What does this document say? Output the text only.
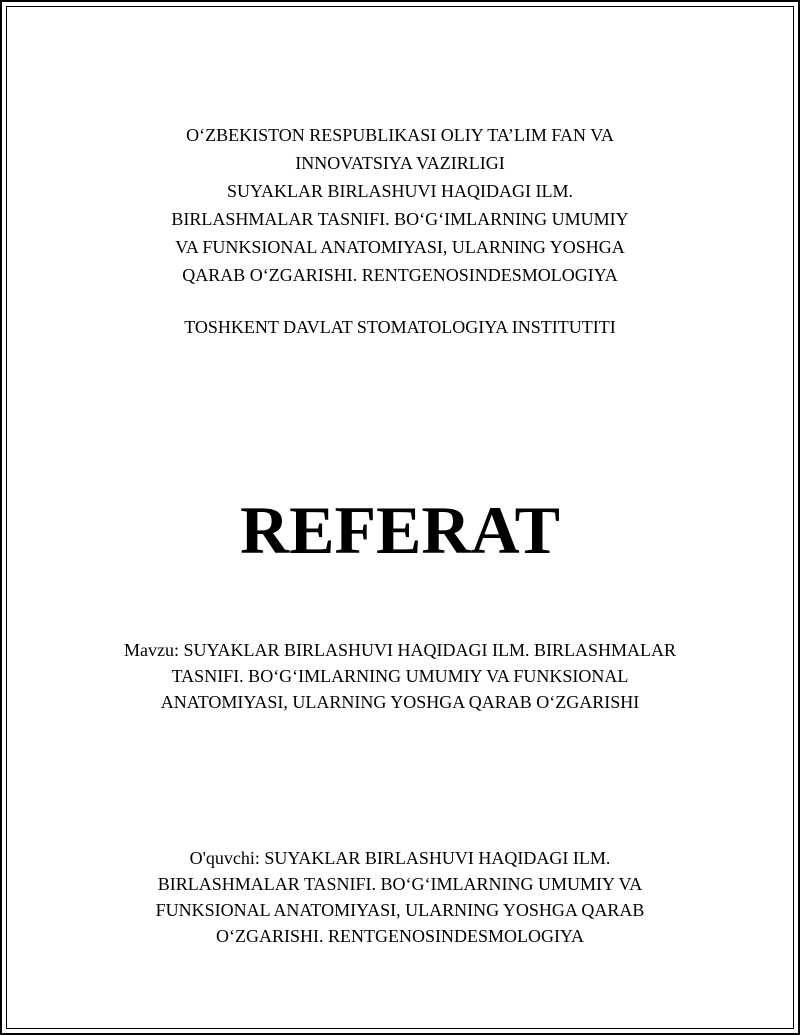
O‘ZBEKISTON RESPUBLIKASI OLIY TA’LIM FAN VA
INNOVATSIYA VAZIRLIGI
SUYAKLAR BIRLASHUVI HAQIDAGI ILM.
BIRLASHMALAR TASNIFI. BO‘G‘IMLARNING UMUMIY
VA FUNKSIONAL ANATOMIYASI, ULARNING YOSHGA
QARAB O‘ZGARISHI. RENTGENOSINDESMOLOGIYA
TOSHKENT DAVLAT STOMATOLOGIYA INSTITUTITI
REFERAT
Mavzu: SUYAKLAR BIRLASHUVI HAQIDAGI ILM. BIRLASHMALAR
TASNIFI. BO‘G‘IMLARNING UMUMIY VA FUNKSIONAL
ANATOMIYASI, ULARNING YOSHGA QARAB O‘ZGARISHI
O'quvchi: SUYAKLAR BIRLASHUVI HAQIDAGI ILM.
BIRLASHMALAR TASNIFI. BO‘G‘IMLARNING UMUMIY VA
FUNKSIONAL ANATOMIYASI, ULARNING YOSHGA QARAB
O‘ZGARISHI. RENTGENOSINDESMOLOGIYA
